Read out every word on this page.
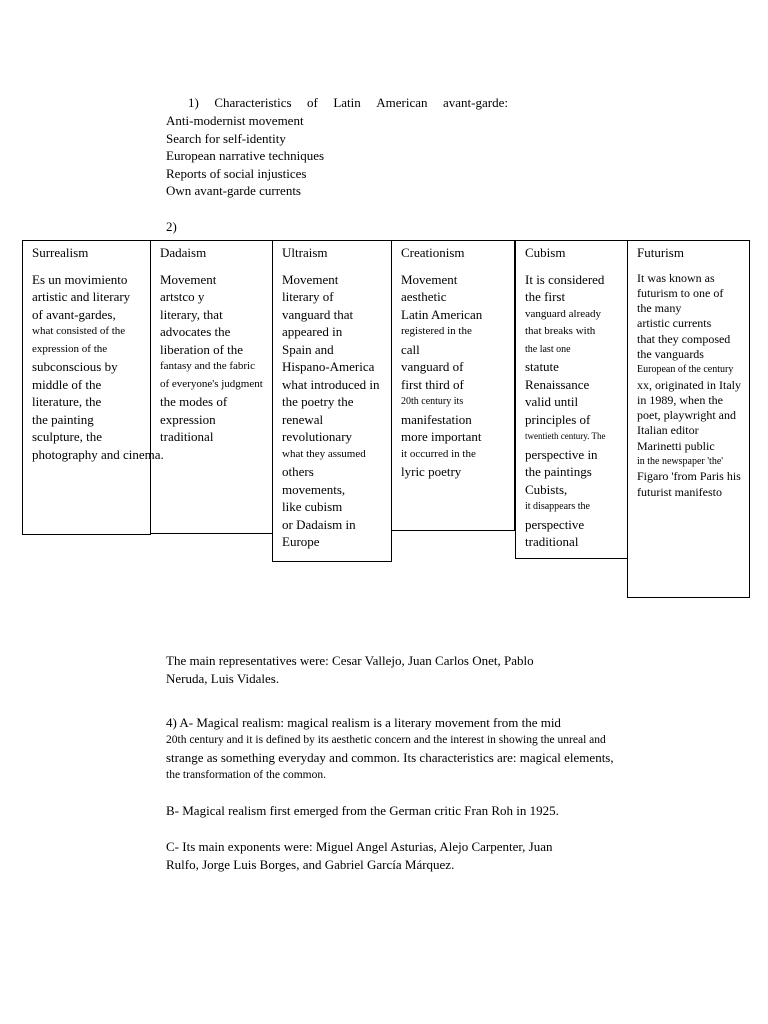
1) Characteristics of Latin American avant-garde:
Anti-modernist movement
Search for self-identity
European narrative techniques
Reports of social injustices
Own avant-garde currents
2)
Surrealism
Es un movimiento
artistic and literary
of avant-gardes,
what consisted of the
expression of the
subconscious by
middle of the
literature, the
the painting
sculpture, the
photography and cinema.
Dadaism
Movement
artstco y
literary, that
advocates the
liberation of the
fantasy and the fabric
of everyone's judgment
the modes of
expression
traditional
Ultraism
Movement
literary of
vanguard that
appeared in
Spain and
Hispano-America
what introduced in
the poetry the
renewal
revolutionary
what they assumed
others
movements,
like cubism
or Dadaism in
Europe
Creationism
Movement
aesthetic
Latin American
registered in the
call
vanguard of
first third of
20th century its
manifestation
more important
it occurred in the
lyric poetry
Cubism
It is considered
the first
vanguard already
that breaks with
the last one
statute
Renaissance
valid until
principles of
twentieth century. The
perspective in
the paintings
Cubists,
it disappears the
perspective
traditional
Futurism
It was known as
futurism to one of
the many
artistic currents
that they composed
the vanguards
European of the century
xx, originated in Italy
in 1989, when the
poet, playwright and
Italian editor
Marinetti public
in the newspaper 'the'
Figaro 'from Paris his
futurist manifesto
The main representatives were: Cesar Vallejo, Juan Carlos Onet, Pablo
Neruda, Luis Vidales.
4) A- Magical realism: magical realism is a literary movement from the mid
20th century and it is defined by its aesthetic concern and the interest in showing the unreal and
strange as something everyday and common. Its characteristics are: magical elements,
the transformation of the common.
B- Magical realism first emerged from the German critic Fran Roh in 1925.
C- Its main exponents were: Miguel Angel Asturias, Alejo Carpenter, Juan
Rulfo, Jorge Luis Borges, and Gabriel García Márquez.
